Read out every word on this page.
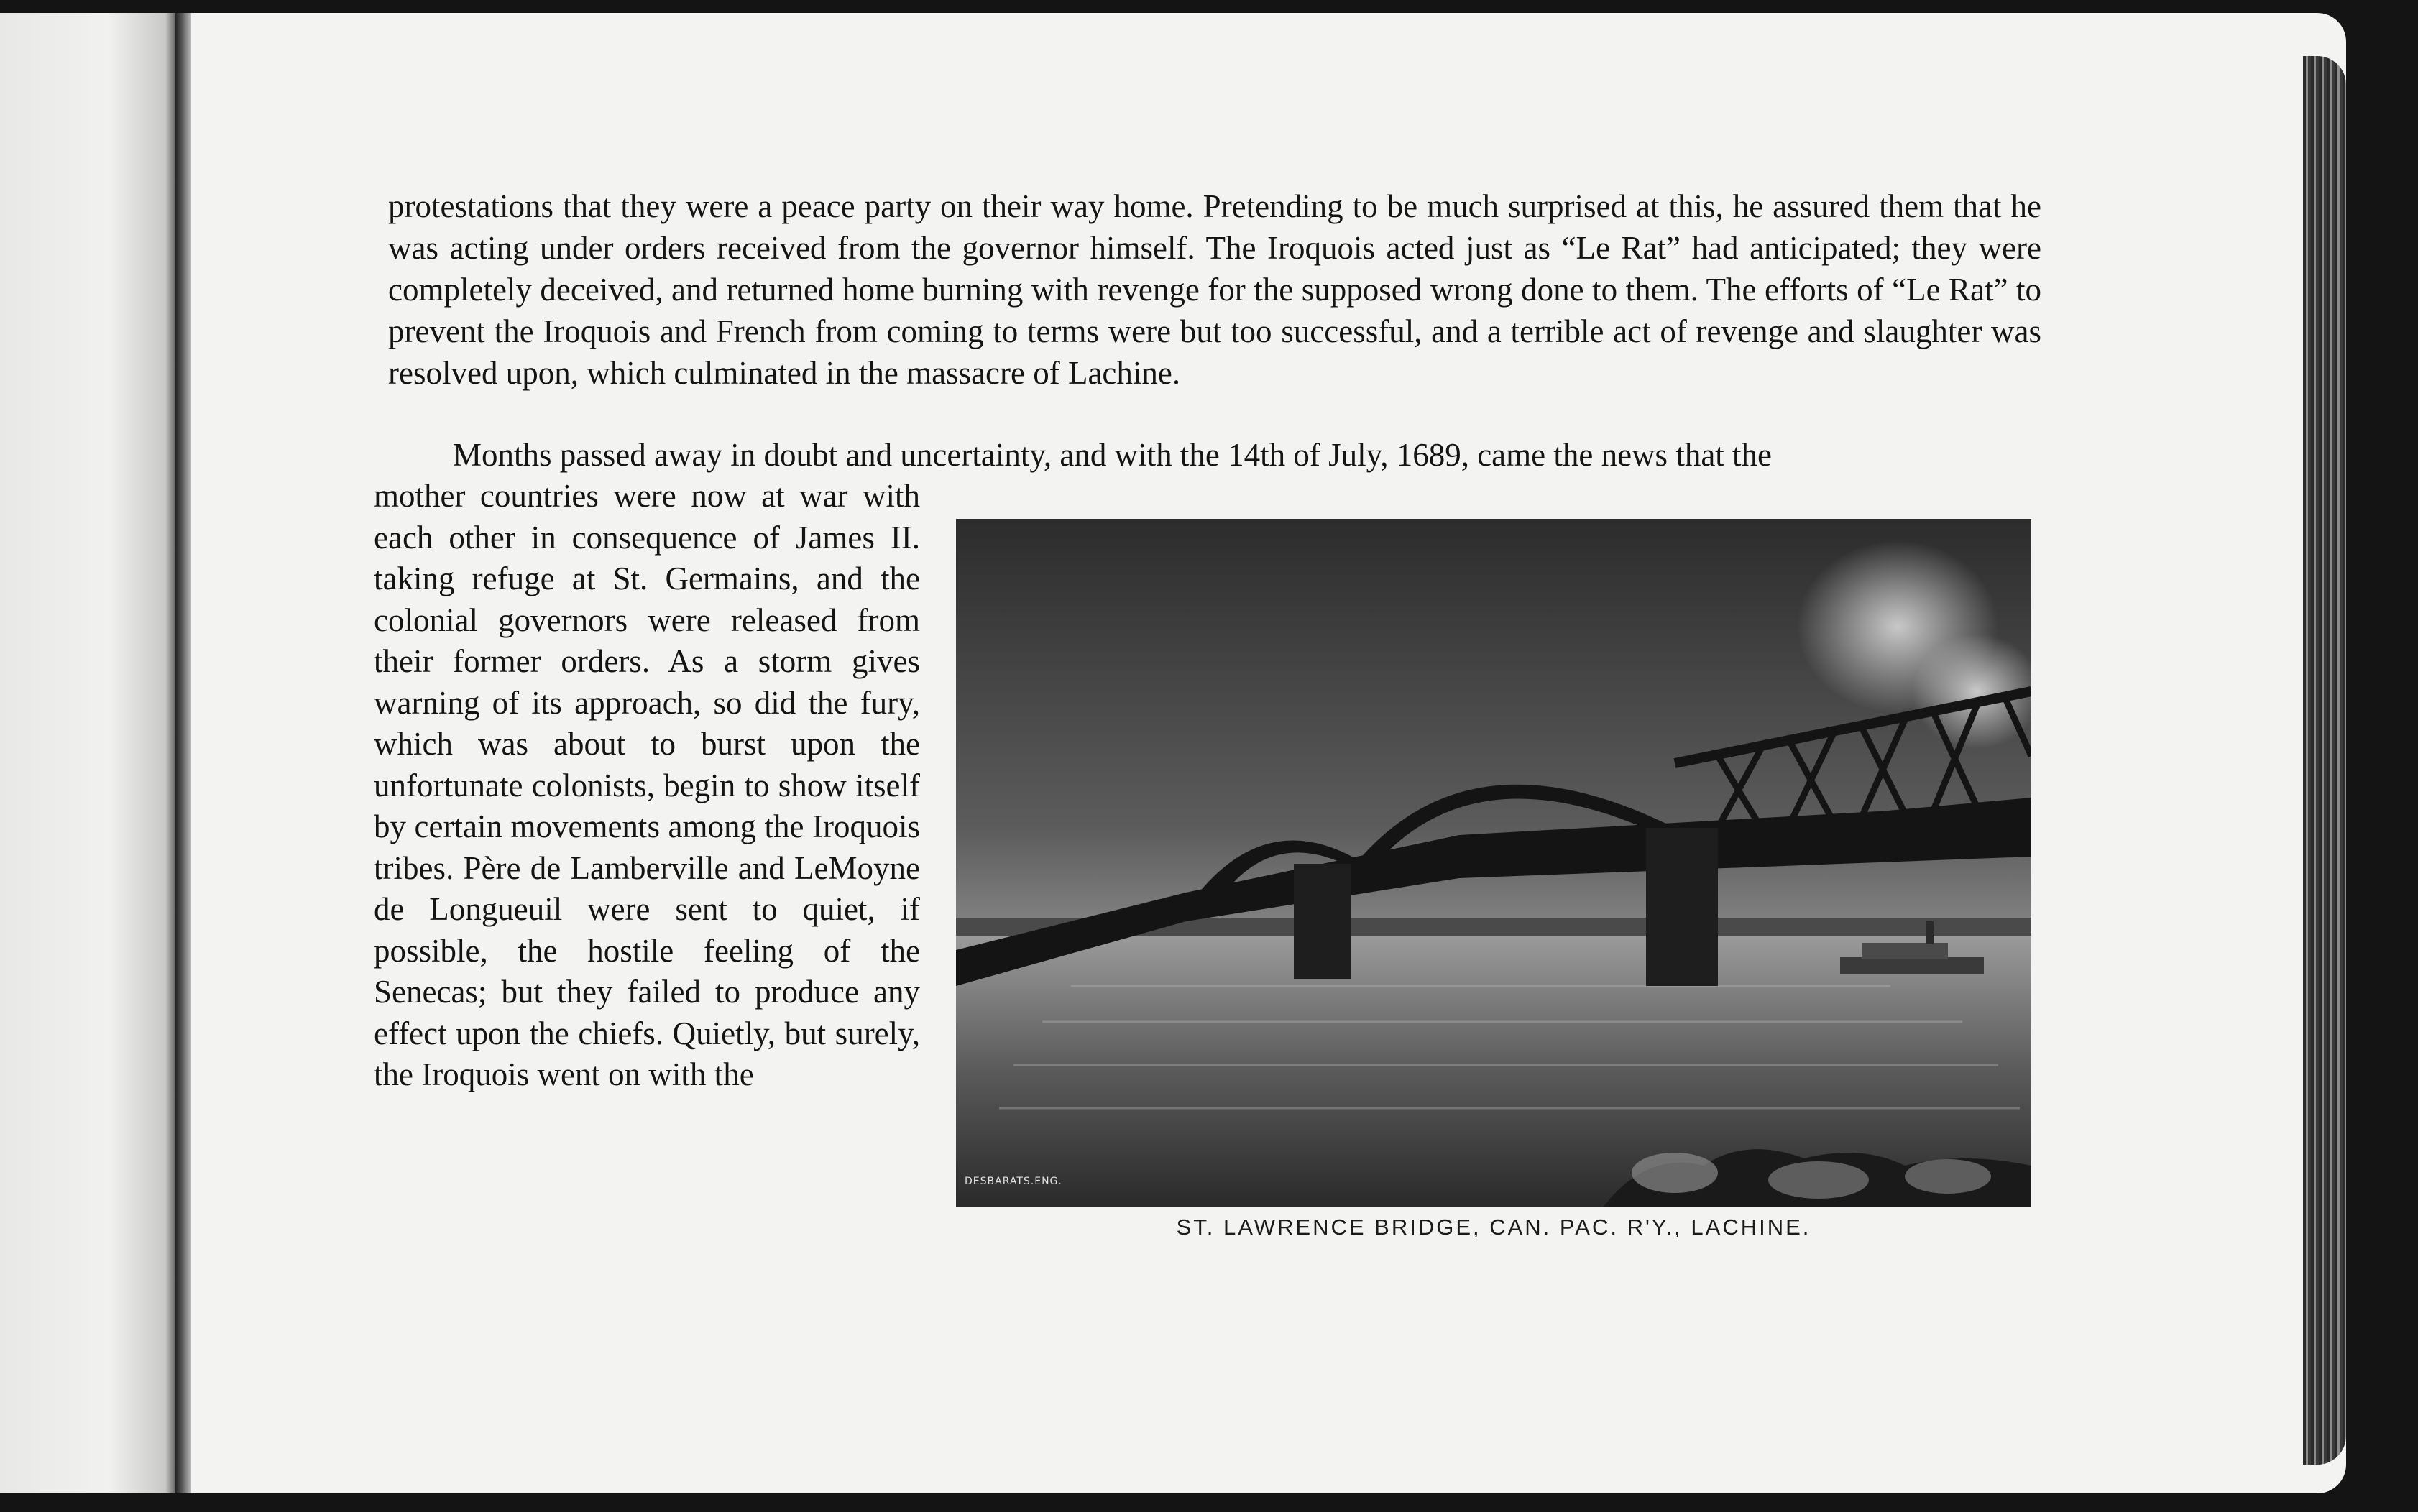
protestations that they were a peace party on their way home. Pretending to be much surprised at this, he assured them that he was acting under orders received from the governor himself. The Iroquois acted just as “Le Rat” had anticipated; they were completely deceived, and returned home burning with revenge for the supposed wrong done to them. The efforts of “Le Rat” to prevent the Iroquois and French from coming to terms were but too successful, and a terrible act of revenge and slaughter was resolved upon, which culminated in the massacre of Lachine.

Months passed away in doubt and uncertainty, and with the 14th of July, 1689, came the news that the

mother countries were now at war with each other in consequence of James II. taking refuge at St. Germains, and the colonial governors were released from their former orders. As a storm gives warning of its approach, so did the fury, which was about to burst upon the unfortunate colonists, begin to show itself by certain movements among the Iroquois tribes. Père de Lamberville and LeMoyne de Longueuil were sent to quiet, if possible, the hostile feeling of the Senecas; but they failed to produce any effect upon the chiefs. Quietly, but surely, the Iroquois went on with the
DESBARATS.ENG.
ST. LAWRENCE BRIDGE, CAN. PAC. R'Y., LACHINE.
